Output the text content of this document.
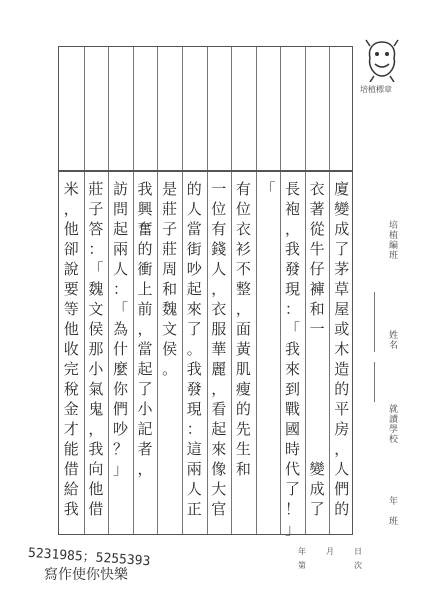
廈
變
成
了
茅
草
屋
或
木
造
的
平
房
，
人
們
的
衣
著
從
牛
仔
褲
和
一
變
成
了
長
袍
，
我
發
現
：
「
我
來
到
戰
國
時
代
了
！
」
「
有
位
衣
衫
不
整
，
面
黃
肌
瘦
的
先
生
和
一
位
有
錢
人
，
衣
服
華
麗
，
看
起
來
像
大
官
的
人
當
街
吵
起
來
了
。
我
發
現
：
這
兩
人
正
是
莊
子
莊
周
和
魏
文
侯
。
我
興
奮
的
衝
上
前
，
當
起
了
小
記
者
，
訪
問
起
兩
人
：
「
為
什
麼
你
們
吵
？
」
莊
子
答
：
「
魏
文
侯
那
小
氣
鬼
，
我
向
他
借
米
，
他
卻
說
要
等
他
收
完
稅
金
才
能
借
給
我
培植標章
培植編班
姓名
就讀學校
年
班
5231985；5255393
寫作使你快樂
年	月	日
第	次
